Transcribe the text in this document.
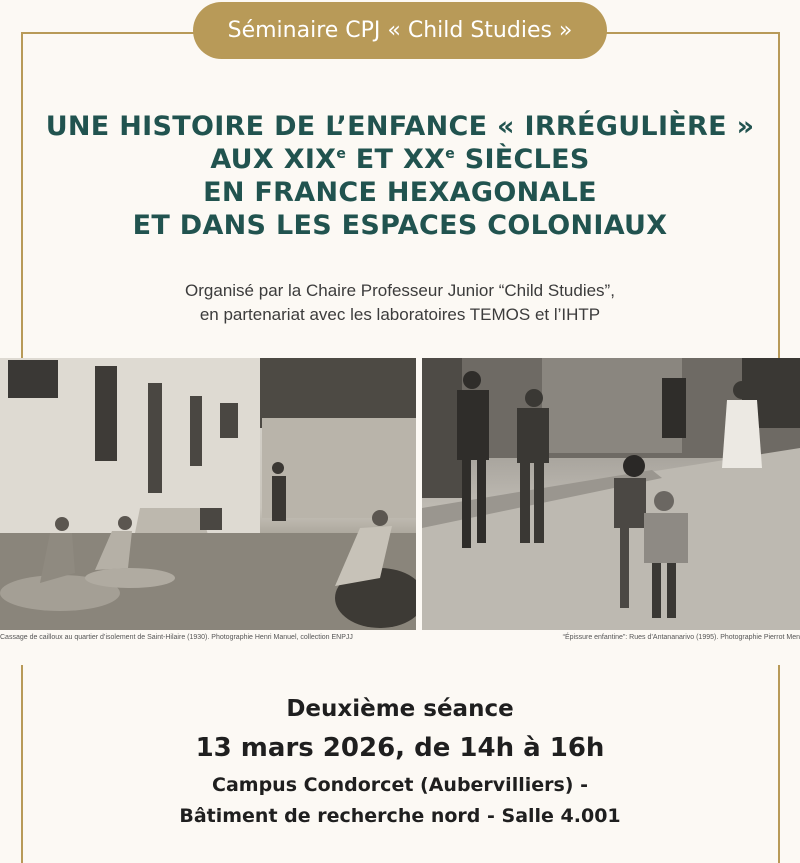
Séminaire CPJ « Child Studies »
UNE HISTOIRE DE L’ENFANCE « IRRÉGULIÈRE »
AUX XIXe ET XXe SIÈCLES
EN FRANCE HEXAGONALE
ET DANS LES ESPACES COLONIAUX
Organisé par la Chaire Professeur Junior “Child Studies”,
en partenariat avec les laboratoires TEMOS et l’IHTP
Cassage de cailloux au quartier d’isolement de Saint-Hilaire (1930). Photographie Henri Manuel, collection ENPJJ	“Épissure enfantine”: Rues d’Antananarivo (1995). Photographie Pierrot Men
Deuxième séance
13 mars 2026, de 14h à 16h
Campus Condorcet (Aubervilliers) -
Bâtiment de recherche nord - Salle 4.001
